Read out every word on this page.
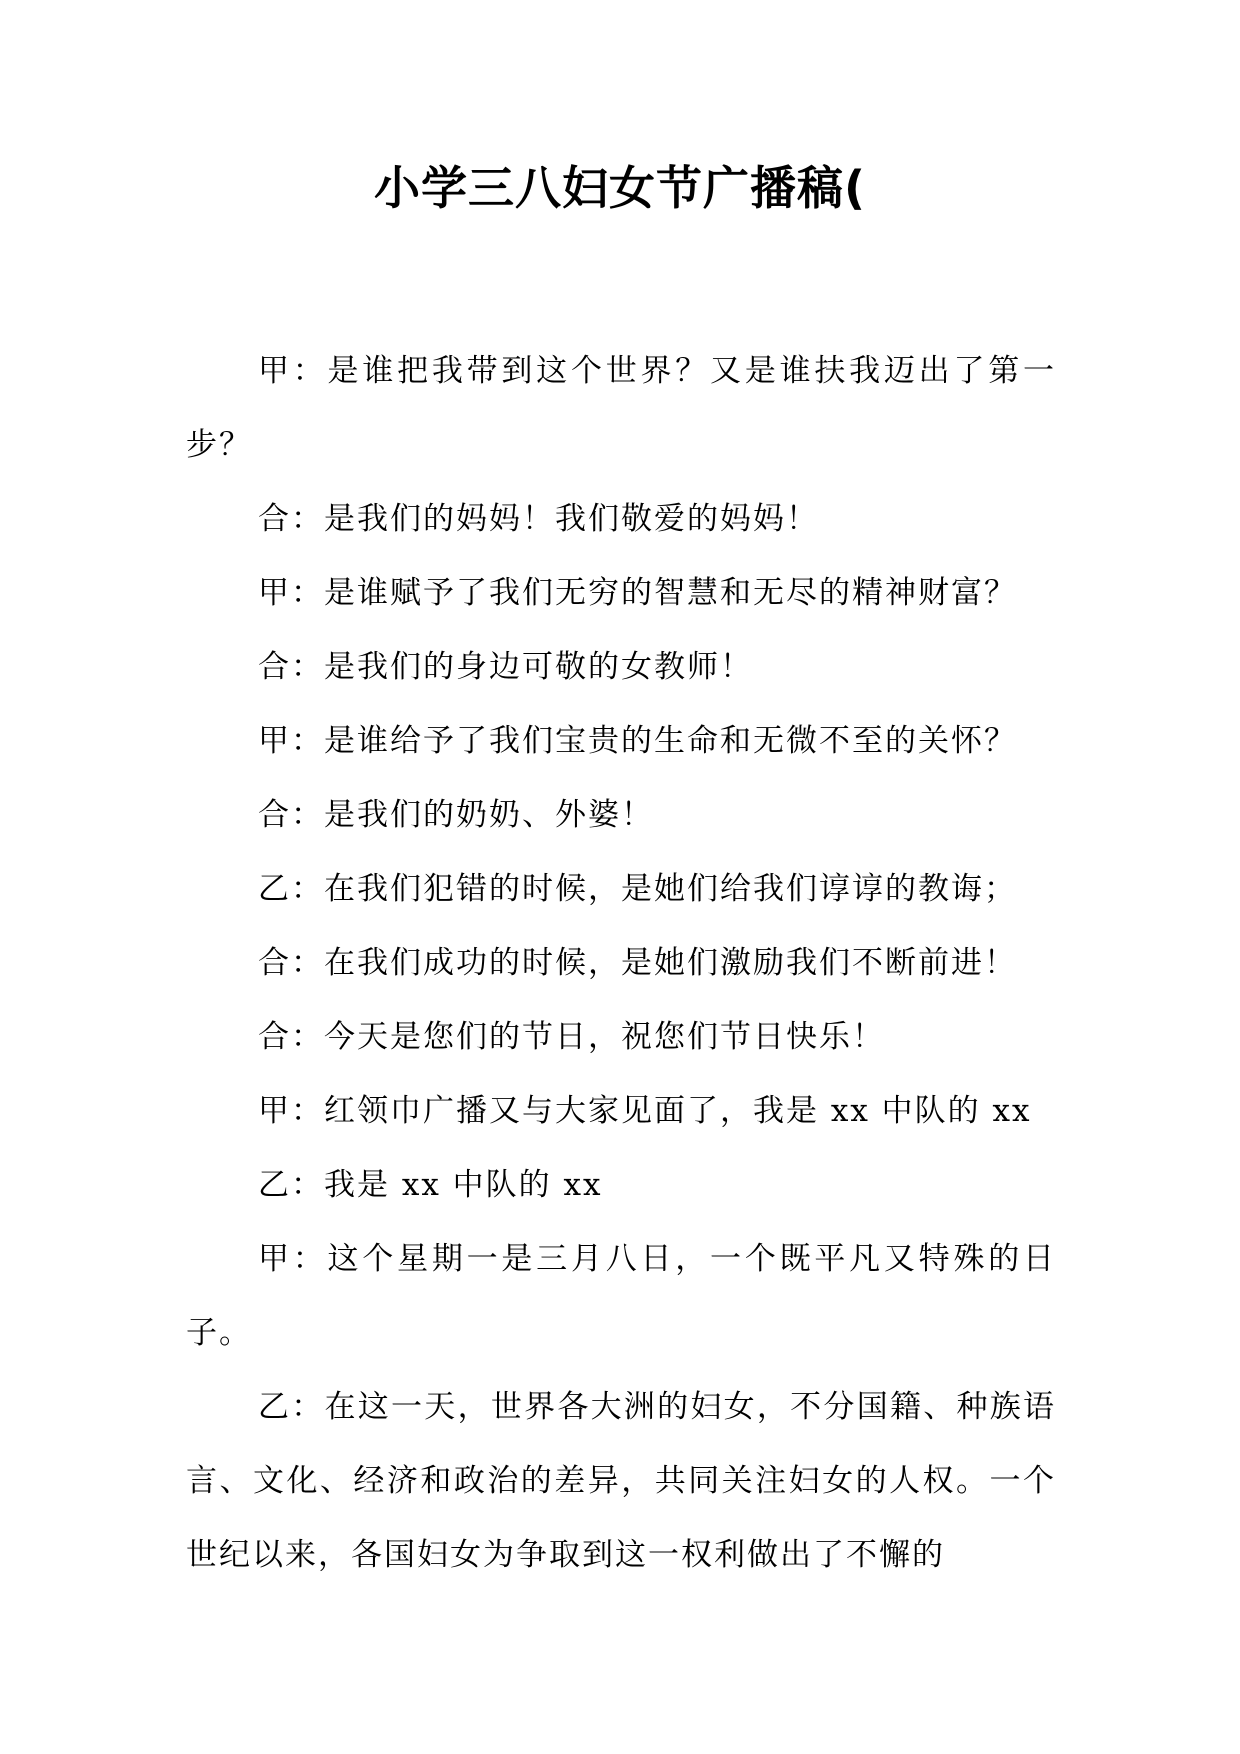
小学三八妇女节广播稿(

甲：是谁把我带到这个世界？又是谁扶我迈出了第一步？

合：是我们的妈妈！我们敬爱的妈妈！

甲：是谁赋予了我们无穷的智慧和无尽的精神财富？

合：是我们的身边可敬的女教师！

甲：是谁给予了我们宝贵的生命和无微不至的关怀？

合：是我们的奶奶、外婆！

乙：在我们犯错的时候，是她们给我们谆谆的教诲；

合：在我们成功的时候，是她们激励我们不断前进！

合：今天是您们的节日，祝您们节日快乐！

甲：红领巾广播又与大家见面了，我是 xx 中队的 xx

乙：我是 xx 中队的 xx

甲：这个星期一是三月八日，一个既平凡又特殊的日子。

乙：在这一天，世界各大洲的妇女，不分国籍、种族语言、文化、经济和政治的差异，共同关注妇女的人权。一个世纪以来，各国妇女为争取到这一权利做出了不懈的
